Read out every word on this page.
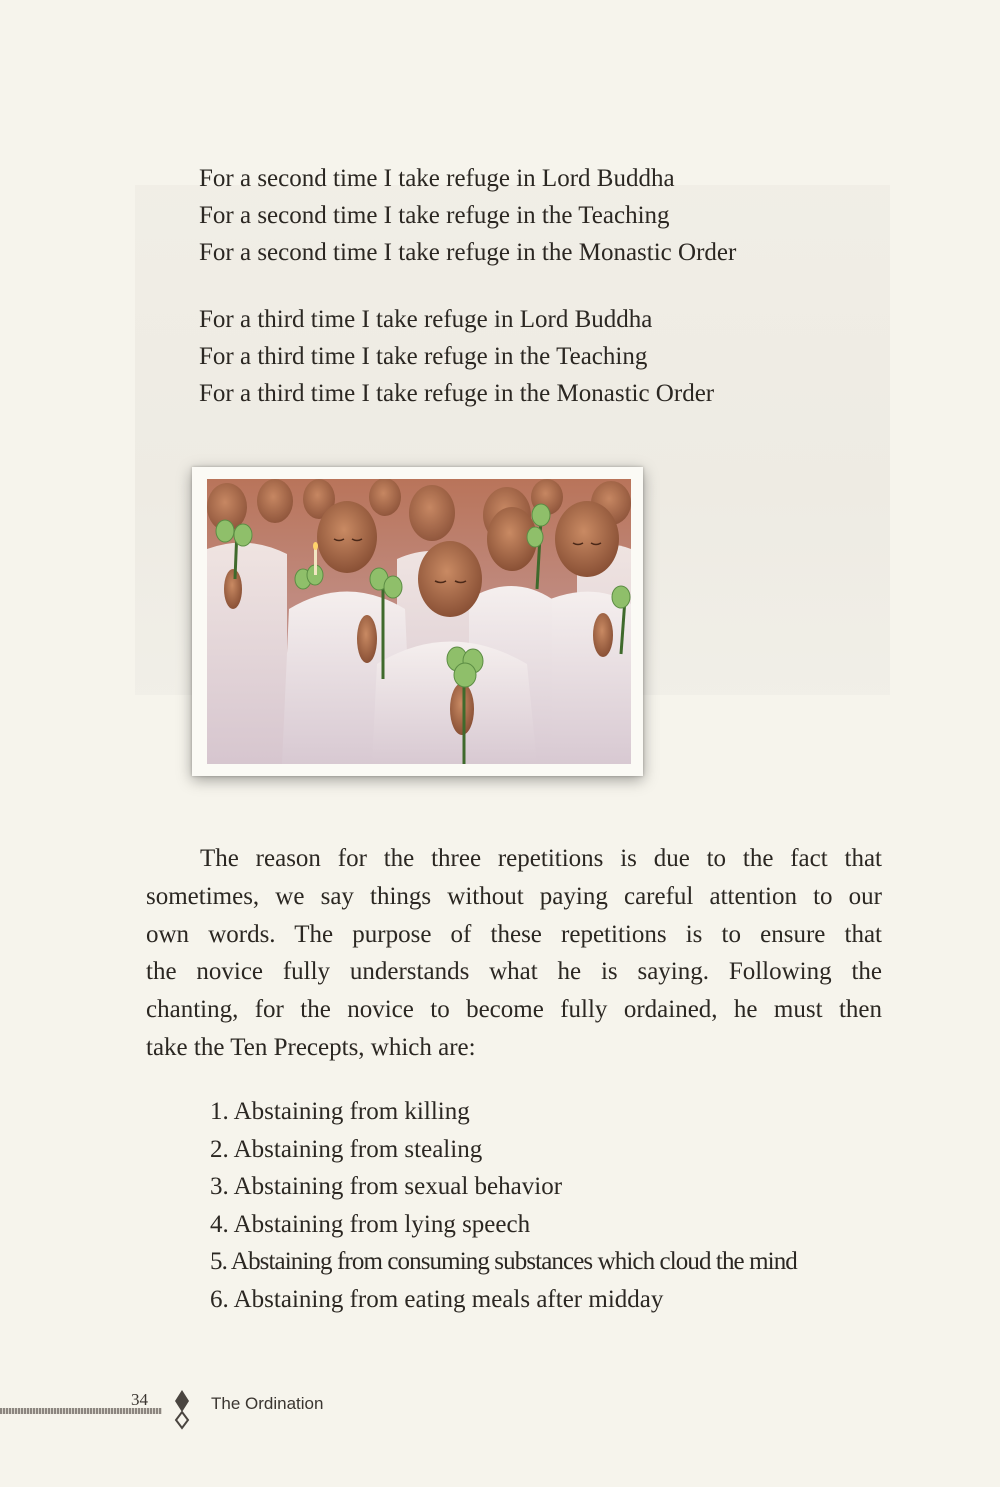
For a second time I take refuge in Lord Buddha
For a second time I take refuge in the Teaching
For a second time I take refuge in the Monastic Order
For a third time I take refuge in Lord Buddha
For a third time I take refuge in the Teaching
For a third time I take refuge in the Monastic Order
The reason for the three repetitions is due to the fact that
sometimes, we say things without paying careful attention to our
own words. The purpose of these repetitions is to ensure that
the novice fully understands what he is saying. Following the
chanting, for the novice to become fully ordained, he must then
take the Ten Precepts, which are:
1. Abstaining from killing
2. Abstaining from stealing
3. Abstaining from sexual behavior
4. Abstaining from lying speech
5. Abstaining from consuming substances which cloud the mind
6. Abstaining from eating meals after midday
34	The Ordination
